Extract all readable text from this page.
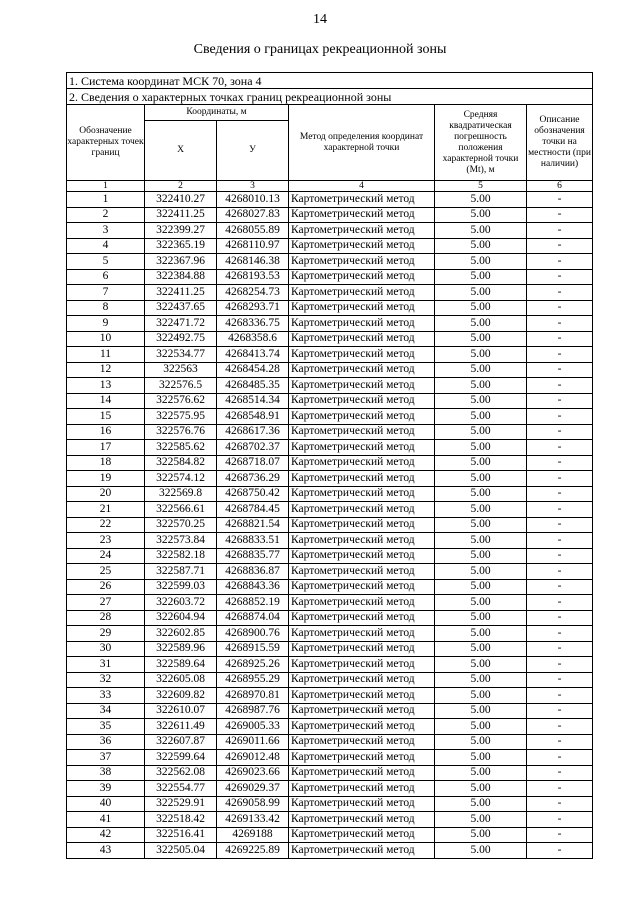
14
Сведения о границах рекреационной зоны
1. Система координат МСК 70, зона 4					
2. Сведения о характерных точках границ рекреационной зоны					
Обозначение характерных точек границ	Координаты, м		Метод определения координат характерной точки	Средняя квадратическая погрешность положения характерной точки (Mt), м	Описание обозначения точки на местности (при наличии)
	X	У			
1	2	3	4	5	6
1	322410.27	4268010.13	Картометрический метод	5.00	-
2	322411.25	4268027.83	Картометрический метод	5.00	-
3	322399.27	4268055.89	Картометрический метод	5.00	-
4	322365.19	4268110.97	Картометрический метод	5.00	-
5	322367.96	4268146.38	Картометрический метод	5.00	-
6	322384.88	4268193.53	Картометрический метод	5.00	-
7	322411.25	4268254.73	Картометрический метод	5.00	-
8	322437.65	4268293.71	Картометрический метод	5.00	-
9	322471.72	4268336.75	Картометрический метод	5.00	-
10	322492.75	4268358.6	Картометрический метод	5.00	-
11	322534.77	4268413.74	Картометрический метод	5.00	-
12	322563	4268454.28	Картометрический метод	5.00	-
13	322576.5	4268485.35	Картометрический метод	5.00	-
14	322576.62	4268514.34	Картометрический метод	5.00	-
15	322575.95	4268548.91	Картометрический метод	5.00	-
16	322576.76	4268617.36	Картометрический метод	5.00	-
17	322585.62	4268702.37	Картометрический метод	5.00	-
18	322584.82	4268718.07	Картометрический метод	5.00	-
19	322574.12	4268736.29	Картометрический метод	5.00	-
20	322569.8	4268750.42	Картометрический метод	5.00	-
21	322566.61	4268784.45	Картометрический метод	5.00	-
22	322570.25	4268821.54	Картометрический метод	5.00	-
23	322573.84	4268833.51	Картометрический метод	5.00	-
24	322582.18	4268835.77	Картометрический метод	5.00	-
25	322587.71	4268836.87	Картометрический метод	5.00	-
26	322599.03	4268843.36	Картометрический метод	5.00	-
27	322603.72	4268852.19	Картометрический метод	5.00	-
28	322604.94	4268874.04	Картометрический метод	5.00	-
29	322602.85	4268900.76	Картометрический метод	5.00	-
30	322589.96	4268915.59	Картометрический метод	5.00	-
31	322589.64	4268925.26	Картометрический метод	5.00	-
32	322605.08	4268955.29	Картометрический метод	5.00	-
33	322609.82	4268970.81	Картометрический метод	5.00	-
34	322610.07	4268987.76	Картометрический метод	5.00	-
35	322611.49	4269005.33	Картометрический метод	5.00	-
36	322607.87	4269011.66	Картометрический метод	5.00	-
37	322599.64	4269012.48	Картометрический метод	5.00	-
38	322562.08	4269023.66	Картометрический метод	5.00	-
39	322554.77	4269029.37	Картометрический метод	5.00	-
40	322529.91	4269058.99	Картометрический метод	5.00	-
41	322518.42	4269133.42	Картометрический метод	5.00	-
42	322516.41	4269188	Картометрический метод	5.00	-
43	322505.04	4269225.89	Картометрический метод	5.00	-
